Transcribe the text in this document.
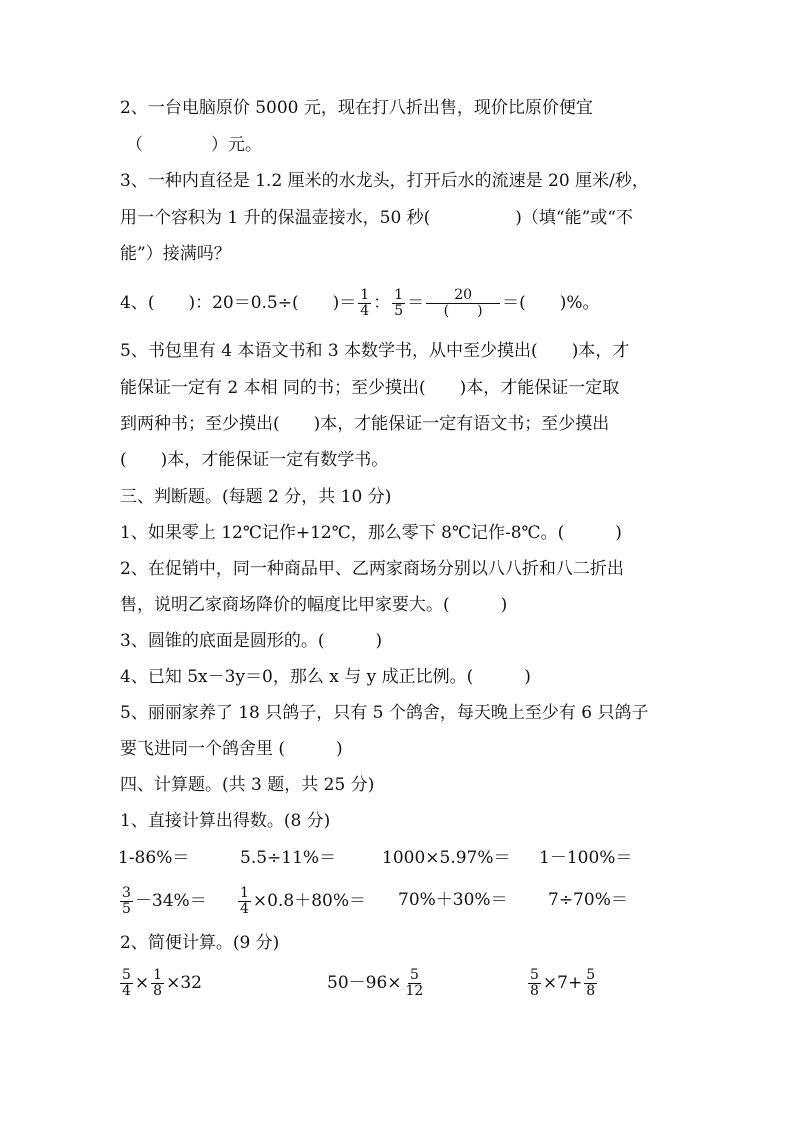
2、一台电脑原价 5000 元，现在打八折出售，现价比原价便宜
（　　　　）元。
3、一种内直径是 1.2 厘米的水龙头，打开后水的流速是 20 厘米/秒，
用一个容积为 1 升的保温壶接水，50 秒(　　　　　)（填“能”或“不
能”）接满吗？
4、(　　)：20＝0.5÷(　　)＝ $\frac{1}{4}$ ： $\frac{1}{5} = \frac{20}{( )}$ ＝(　　)%。
5、书包里有 4 本语文书和 3 本数学书，从中至少摸出(　　)本，才
能保证一定有 2 本相 同的书；至少摸出(　　)本，才能保证一定取
到两种书；至少摸出(　　)本，才能保证一定有语文书；至少摸出
(　　)本，才能保证一定有数学书。
三、判断题。(每题 2 分，共 10 分)
1、如果零上 12℃记作+12℃，那么零下 8℃记作-8℃。(　　　)
2、在促销中，同一种商品甲、乙两家商场分别以八八折和八二折出
售，说明乙家商场降价的幅度比甲家要大。(　　　)
3、圆锥的底面是圆形的。(　　　)
4、已知 5x－3y＝0，那么 x 与 y 成正比例。(　　　)
5、丽丽家养了 18 只鸽子，只有 5 个鸽舍，每天晚上至少有 6 只鸽子
要飞进同一个鸽舍里 (　　　)
四、计算题。(共 3 题，共 25 分)
1、直接计算出得数。(8 分)
1-86%＝	5.5÷11%＝	1000×5.97%＝ 1－100%＝
$\frac{3}{5} -34\%= \frac{1}{4} \times 0.8+80\%= 70\%+30\%= 7\div 70\%=$
2、简便计算。(9 分)
$\frac{5}{4} \times \frac{1}{8} \times 32$	$50-96\times \frac{5}{12}$	$\frac{5}{8} \times 7+ \frac{5}{8}$
